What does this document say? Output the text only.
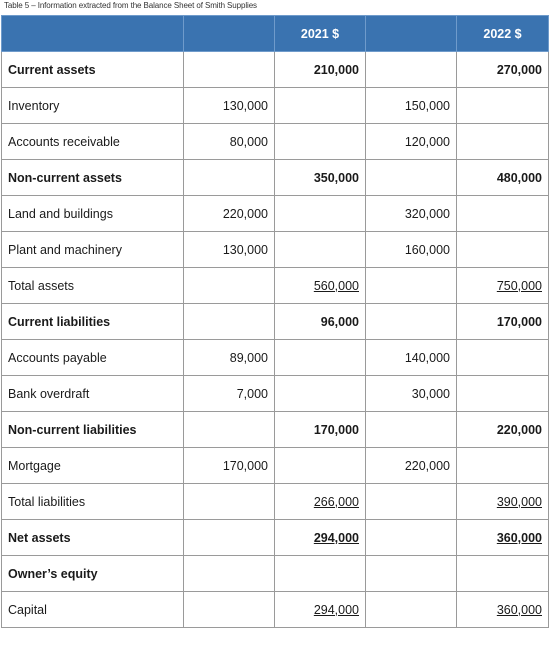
Table 5 – Information extracted from the Balance Sheet of Smith Supplies
		2021 $		2022 $
Current assets		210,000		270,000
Inventory	130,000		150,000	
Accounts receivable	80,000		120,000	
Non-current assets		350,000		480,000
Land and buildings	220,000		320,000	
Plant and machinery	130,000		160,000	
Total assets		560,000		750,000
Current liabilities		96,000		170,000
Accounts payable	89,000		140,000	
Bank overdraft	7,000		30,000	
Non-current liabilities		170,000		220,000
Mortgage	170,000		220,000	
Total liabilities		266,000		390,000
Net assets		294,000		360,000
Owner’s equity				
Capital		294,000		360,000
